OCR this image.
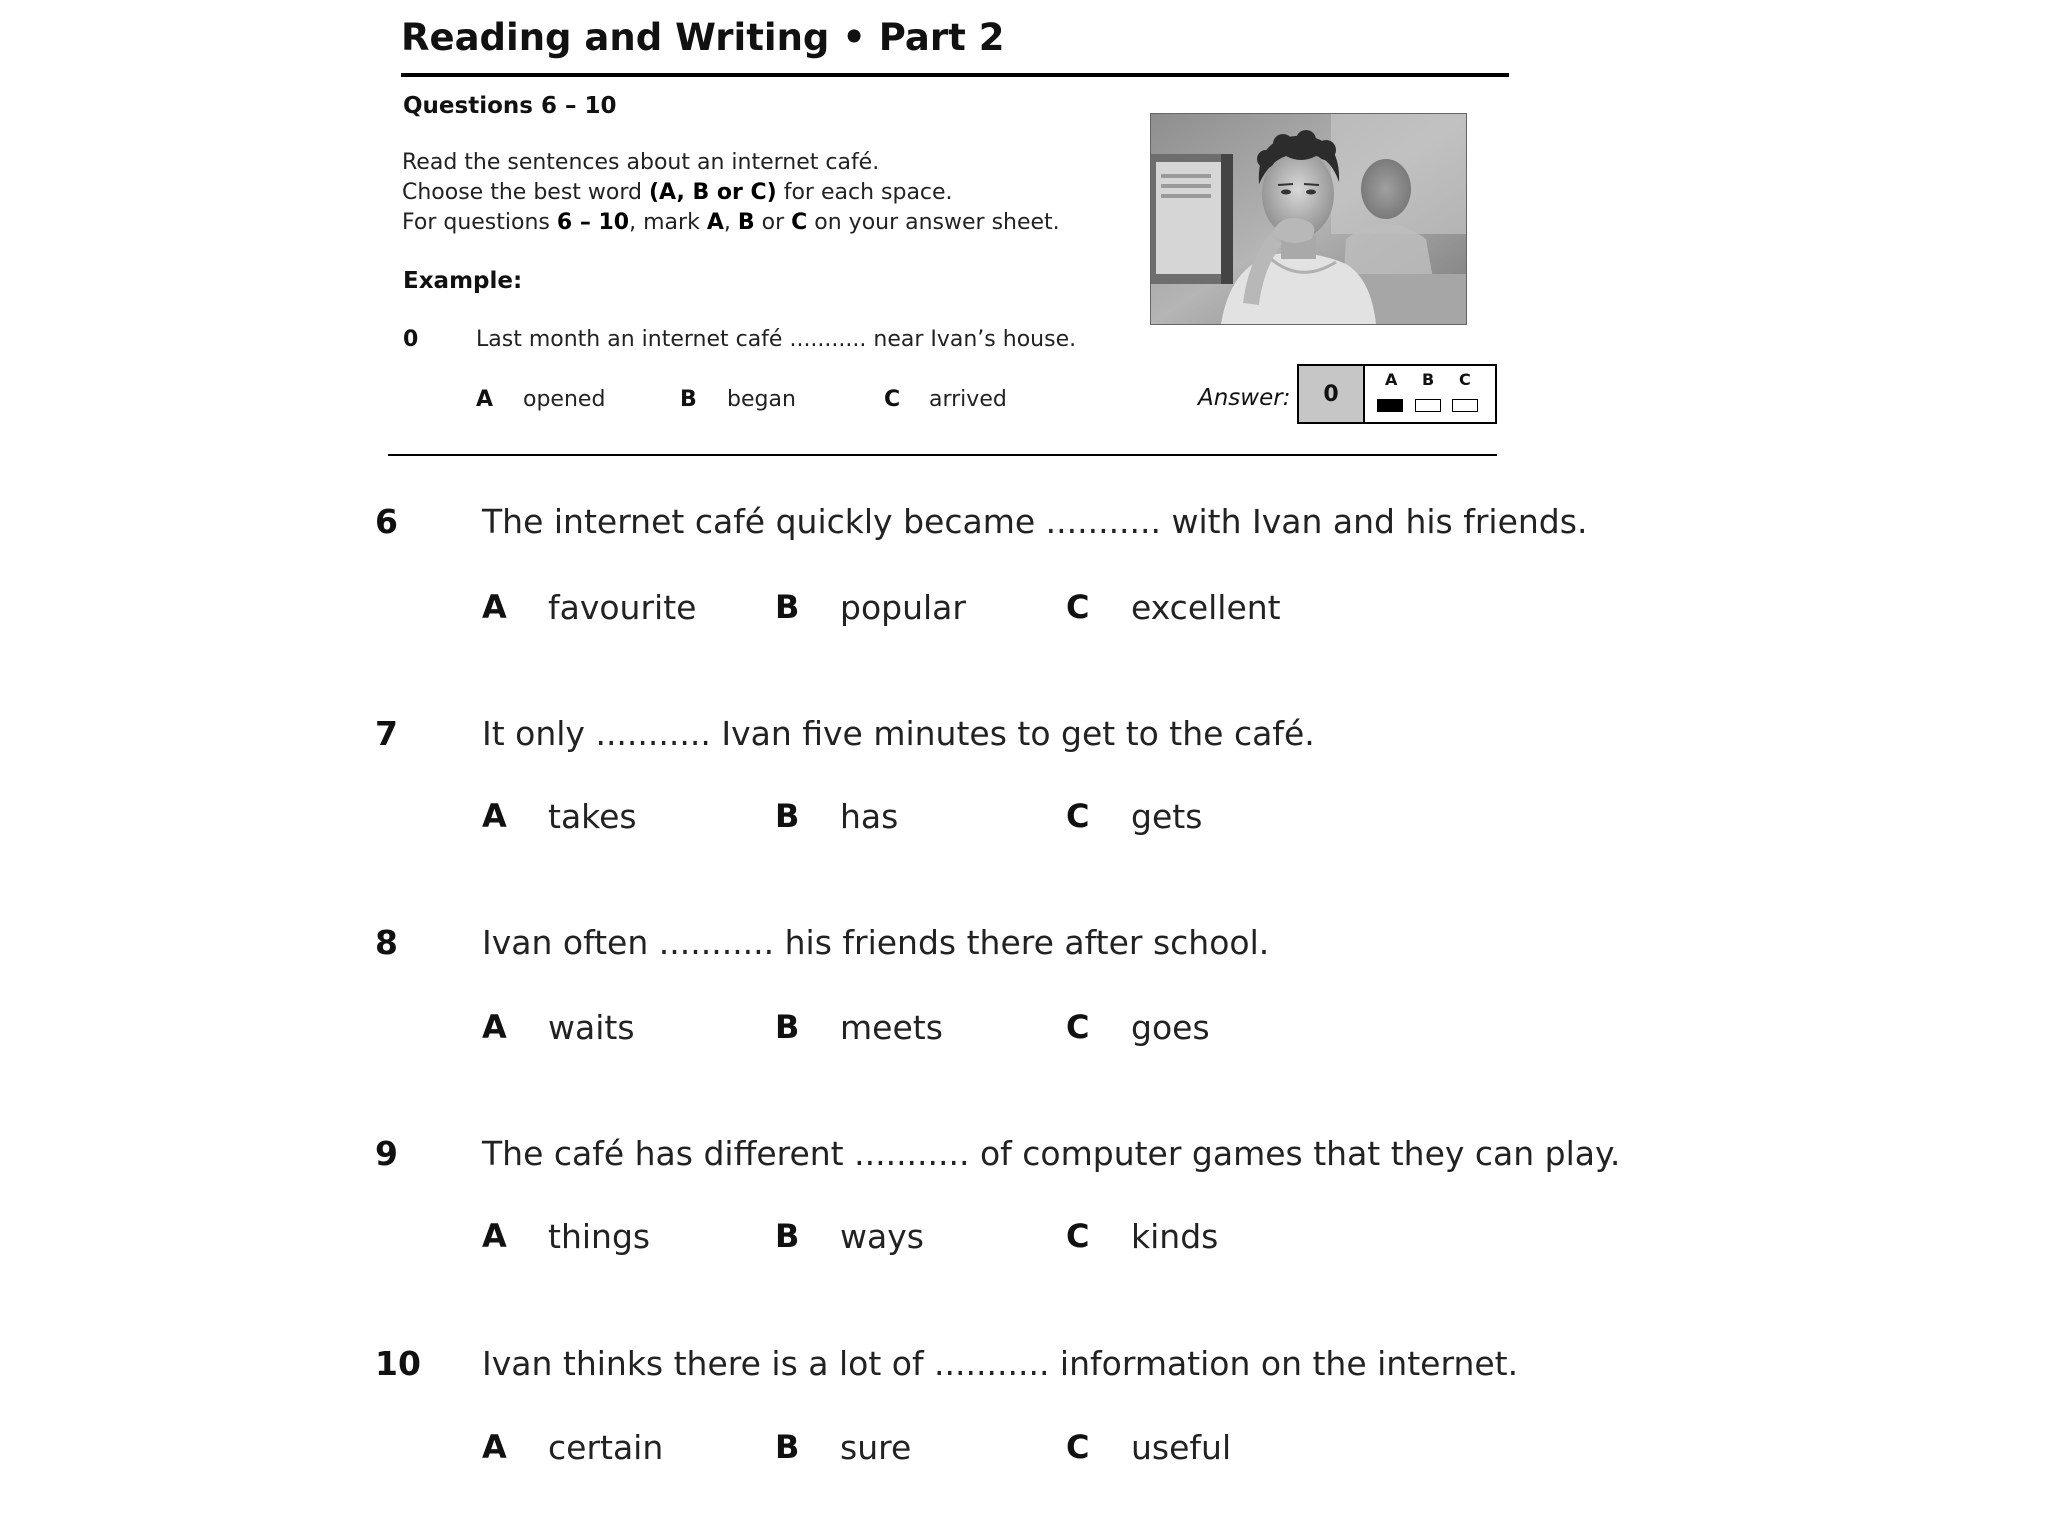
Reading and Writing • Part 2
Questions 6 – 10
Read the sentences about an internet café.
Choose the best word (A, B or C) for each space.
For questions 6 – 10, mark A, B or C on your answer sheet.
Example:
0	Last month an internet café ........... near Ivan’s house.
A opened	B began	C arrived	Answer:	0
A B C
6	The internet café quickly became ........... with Ivan and his friends.
A favourite B popular	C excellent
7	It only ........... Ivan five minutes to get to the café.
A takes	B has	C gets
8	Ivan often ........... his friends there after school.
A waits	B meets	C goes
9	The café has different ........... of computer games that they can play.
A things	B ways	C kinds
10 Ivan thinks there is a lot of ........... information on the internet.
A certain	B sure	C useful
